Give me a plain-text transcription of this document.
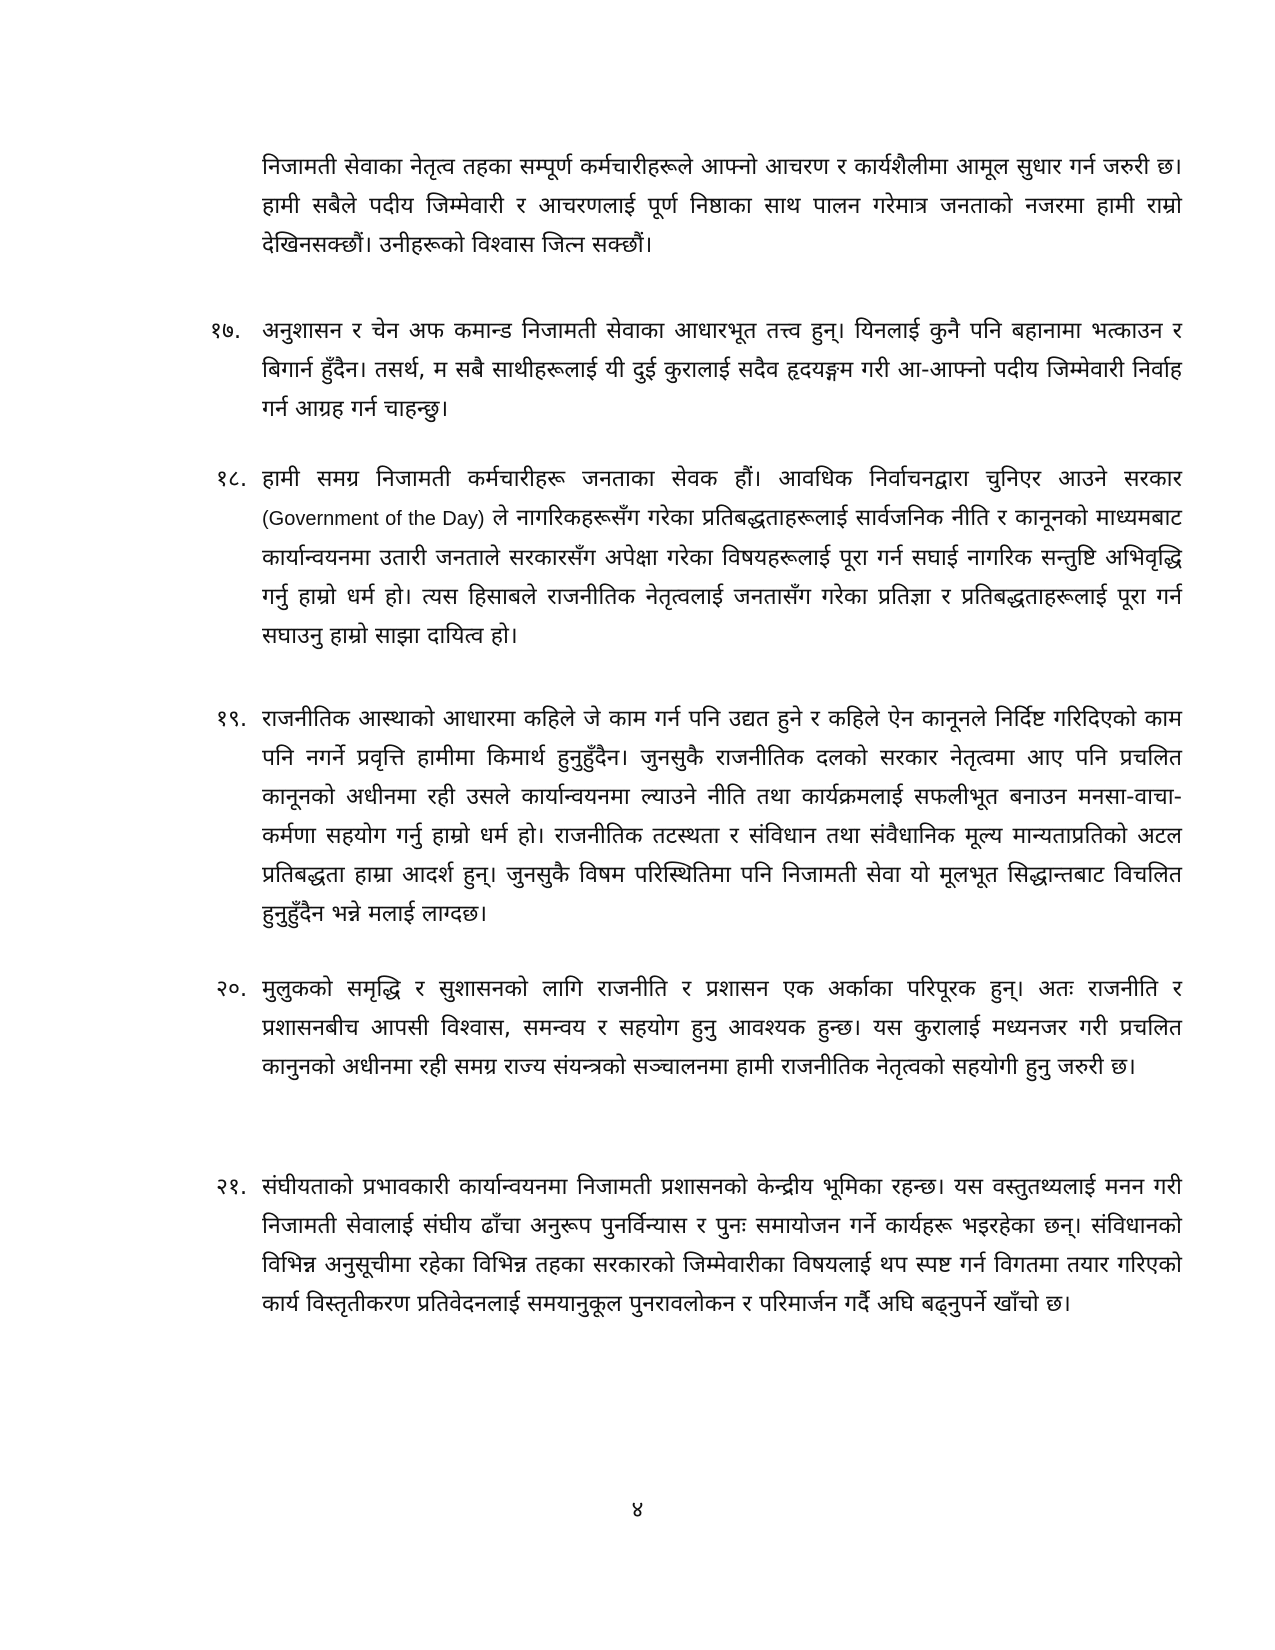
निजामती सेवाका नेतृत्व तहका सम्पूर्ण कर्मचारीहरूले आफ्नो आचरण र कार्यशैलीमा आमूल सुधार गर्न जरुरी छ। हामी सबैले पदीय जिम्मेवारी र आचरणलाई पूर्ण निष्ठाका साथ पालन गरेमात्र जनताको नजरमा हामी राम्रो देखिनसक्छौं। उनीहरूको विश्वास जित्न सक्छौं।

१७. अनुशासन र चेन अफ कमान्ड निजामती सेवाका आधारभूत तत्त्व हुन्। यिनलाई कुनै पनि बहानामा भत्काउन र बिगार्न हुँदैन। तसर्थ, म सबै साथीहरूलाई यी दुई कुरालाई सदैव हृदयङ्गम गरी आ-आफ्नो पदीय जिम्मेवारी निर्वाह गर्न आग्रह गर्न चाहन्छु।

१८. हामी समग्र निजामती कर्मचारीहरू जनताका सेवक हौं। आवधिक निर्वाचनद्वारा चुनिएर आउने सरकार (Government of the Day) ले नागरिकहरूसँग गरेका प्रतिबद्धताहरूलाई सार्वजनिक नीति र कानूनको माध्यमबाट कार्यान्वयनमा उतारी जनताले सरकारसँग अपेक्षा गरेका विषयहरूलाई पूरा गर्न सघाई नागरिक सन्तुष्टि अभिवृद्धि गर्नु हाम्रो धर्म हो। त्यस हिसाबले राजनीतिक नेतृत्वलाई जनतासँग गरेका प्रतिज्ञा र प्रतिबद्धताहरूलाई पूरा गर्न सघाउनु हाम्रो साझा दायित्व हो।

१९. राजनीतिक आस्थाको आधारमा कहिले जे काम गर्न पनि उद्यत हुने र कहिले ऐन कानूनले निर्दिष्ट गरिदिएको काम पनि नगर्ने प्रवृत्ति हामीमा किमार्थ हुनुहुँदैन। जुनसुकै राजनीतिक दलको सरकार नेतृत्वमा आए पनि प्रचलित कानूनको अधीनमा रही उसले कार्यान्वयनमा ल्याउने नीति तथा कार्यक्रमलाई सफलीभूत बनाउन मनसा-वाचा-कर्मणा सहयोग गर्नु हाम्रो धर्म हो। राजनीतिक तटस्थता र संविधान तथा संवैधानिक मूल्य मान्यताप्रतिको अटल प्रतिबद्धता हाम्रा आदर्श हुन्। जुनसुकै विषम परिस्थितिमा पनि निजामती सेवा यो मूलभूत सिद्धान्तबाट विचलित हुनुहुँदैन भन्ने मलाई लाग्दछ।

२०. मुलुकको समृद्धि र सुशासनको लागि राजनीति र प्रशासन एक अर्काका परिपूरक हुन्। अतः राजनीति र प्रशासनबीच आपसी विश्वास, समन्वय र सहयोग हुनु आवश्यक हुन्छ। यस कुरालाई मध्यनजर गरी प्रचलित कानुनको अधीनमा रही समग्र राज्य संयन्त्रको सञ्चालनमा हामी राजनीतिक नेतृत्वको सहयोगी हुनु जरुरी छ।

२१. संघीयताको प्रभावकारी कार्यान्वयनमा निजामती प्रशासनको केन्द्रीय भूमिका रहन्छ। यस वस्तुतथ्यलाई मनन गरी निजामती सेवालाई संघीय ढाँचा अनुरूप पुनर्विन्यास र पुनः समायोजन गर्ने कार्यहरू भइरहेका छन्। संविधानको विभिन्न अनुसूचीमा रहेका विभिन्न तहका सरकारको जिम्मेवारीका विषयलाई थप स्पष्ट गर्न विगतमा तयार गरिएको कार्य विस्तृतीकरण प्रतिवेदनलाई समयानुकूल पुनरावलोकन र परिमार्जन गर्दै अघि बढ्नुपर्ने खाँचो छ।

४
